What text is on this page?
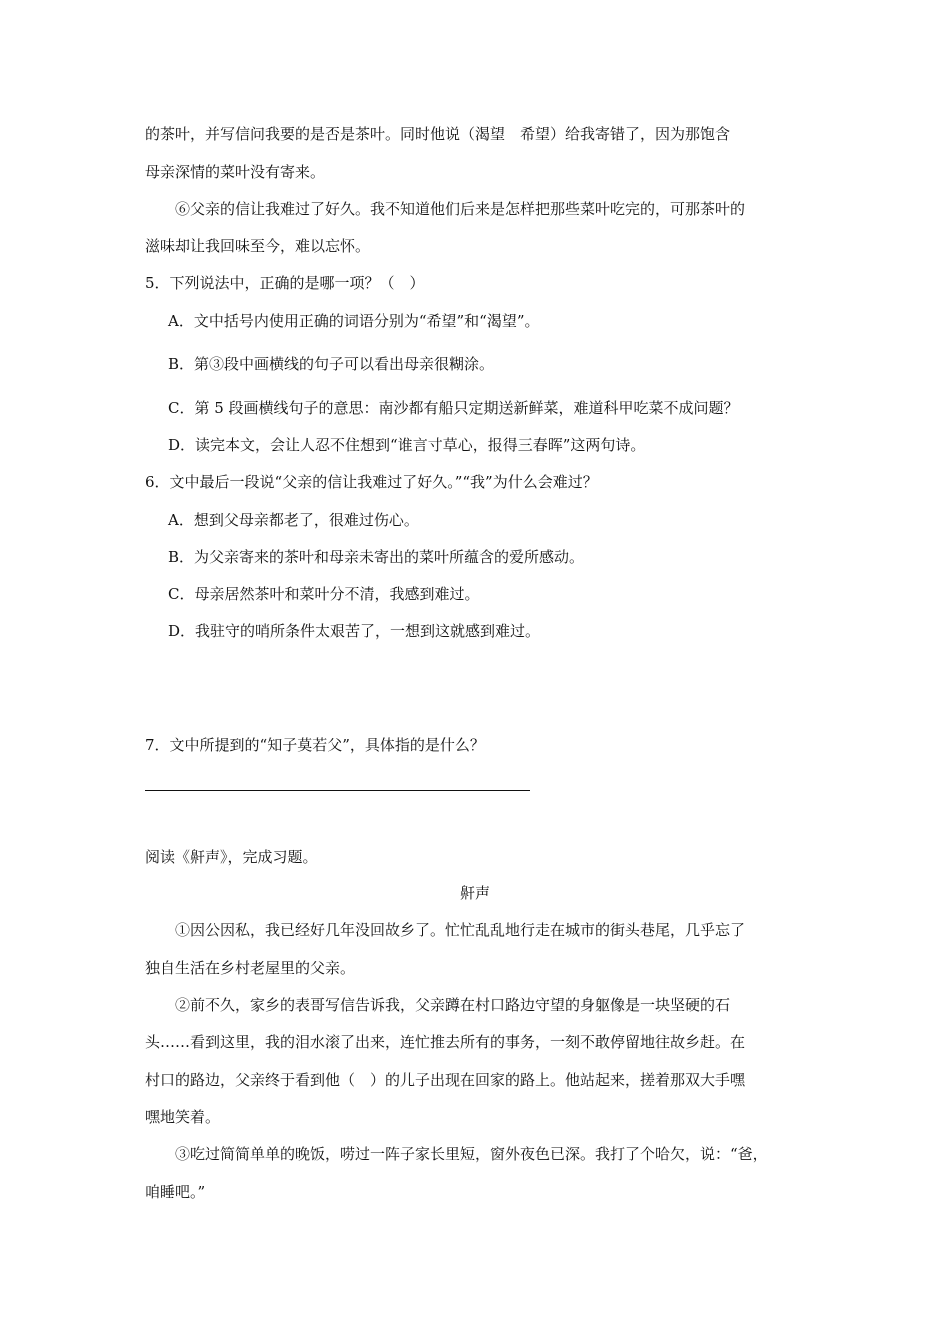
的茶叶，并写信问我要的是否是茶叶。同时他说（渴望　希望）给我寄错了，因为那饱含
母亲深情的菜叶没有寄来。
⑥父亲的信让我难过了好久。我不知道他们后来是怎样把那些菜叶吃完的，可那茶叶的
滋味却让我回味至今，难以忘怀。
5．下列说法中，正确的是哪一项？（　）
A．文中括号内使用正确的词语分别为“希望”和“渴望”。
B．第③段中画横线的句子可以看出母亲很糊涂。
C．第 5 段画横线句子的意思：南沙都有船只定期送新鲜菜，难道科甲吃菜不成问题？
D．读完本文，会让人忍不住想到“谁言寸草心，报得三春晖”这两句诗。
6．文中最后一段说“父亲的信让我难过了好久。”“我”为什么会难过？
A．想到父母亲都老了，很难过伤心。
B．为父亲寄来的茶叶和母亲未寄出的菜叶所蕴含的爱所感动。
C．母亲居然茶叶和菜叶分不清，我感到难过。
D．我驻守的哨所条件太艰苦了，一想到这就感到难过。
7．文中所提到的“知子莫若父”，具体指的是什么？
阅读《鼾声》，完成习题。
鼾声
①因公因私，我已经好几年没回故乡了。忙忙乱乱地行走在城市的街头巷尾，几乎忘了
独自生活在乡村老屋里的父亲。
②前不久，家乡的表哥写信告诉我，父亲蹲在村口路边守望的身躯像是一块坚硬的石
头……看到这里，我的泪水滚了出来，连忙推去所有的事务，一刻不敢停留地往故乡赶。在
村口的路边，父亲终于看到他（　）的儿子出现在回家的路上。他站起来，搓着那双大手嘿
嘿地笑着。
③吃过简简单单的晚饭，唠过一阵子家长里短，窗外夜色已深。我打了个哈欠，说：“爸，
咱睡吧。”
